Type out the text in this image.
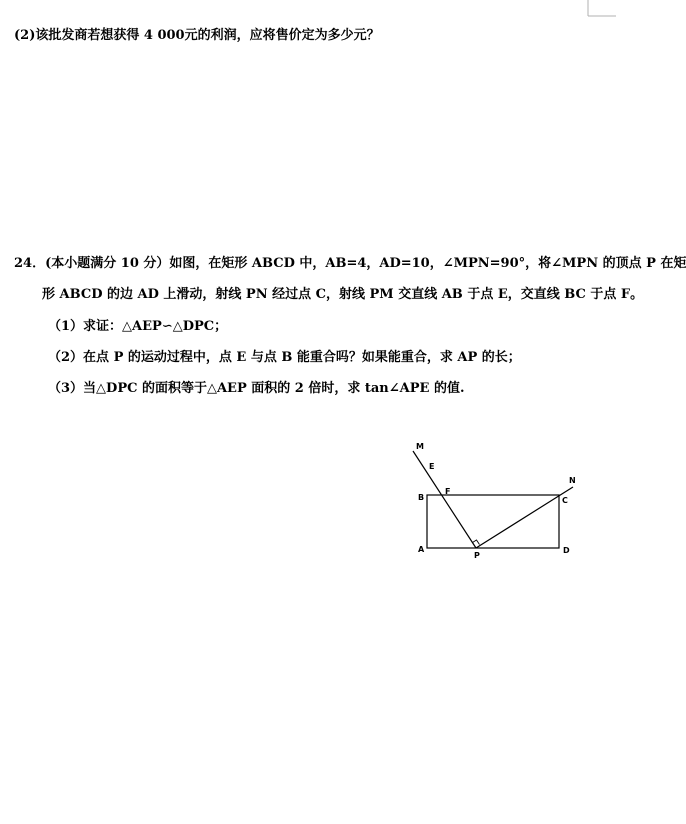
(2)该批发商若想获得 4 000元的利润，应将售价定为多少元？
24．(本小题满分 10 分）如图，在矩形 ABCD 中，AB=4，AD=10，∠MPN=90°，将∠MPN 的顶点 P 在矩
形 ABCD 的边 AD 上滑动，射线 PN 经过点 C，射线 PM 交直线 AB 于点 E，交直线 BC 于点 F。
（1）求证：△AEP∽△DPC；
（2）在点 P 的运动过程中，点 E 与点 B 能重合吗？如果能重合，求 AP 的长；
（3）当△DPC 的面积等于△AEP 面积的 2 倍时，求 tan∠APE 的值.
M
E
B
F
A
P
N
C
D
